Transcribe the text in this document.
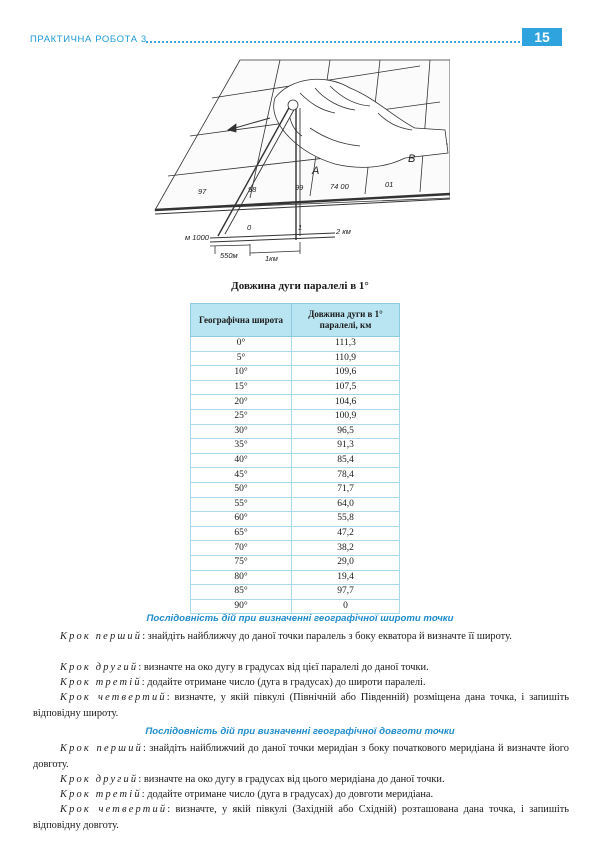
ПРАКТИЧНА РОБОТА 3	15
97	98	99	74 00	01
A
B
м 1000
0	1	2 км
550м	1км
Довжина дуги паралелі в 1°
Географічна широта	Довжина дуги в 1° паралелі, км
0°	111,3
5°	110,9
10°	109,6
15°	107,5
20°	104,6
25°	100,9
30°	96,5
35°	91,3
40°	85,4
45°	78,4
50°	71,7
55°	64,0
60°	55,8
65°	47,2
70°	38,2
75°	29,0
80°	19,4
85°	97,7
90°	0
Послідовність дій при визначенні географічної широти точки
Крок перший: знайдіть найближчу до даної точки паралель з боку екватора й визначте її широту.
Крок другий: визначте на око дугу в градусах від цієї паралелі до даної точки.
Крок третій: додайте отримане число (дуга в градусах) до широти паралелі.
Крок четвертий: визначте, у якій півкулі (Північній або Південній) розміщена дана точка, і запишіть відповідну широту.
Послідовність дій при визначенні географічної довготи точки
Крок перший: знайдіть найближчий до даної точки меридіан з боку початкового меридіана й визначте його довготу.
Крок другий: визначте на око дугу в градусах від цього меридіана до даної точки.
Крок третій: додайте отримане число (дуга в градусах) до довготи меридіана.
Крок четвертий: визначте, у якій півкулі (Західній або Східній) розташована дана точка, і запишіть відповідну довготу.
